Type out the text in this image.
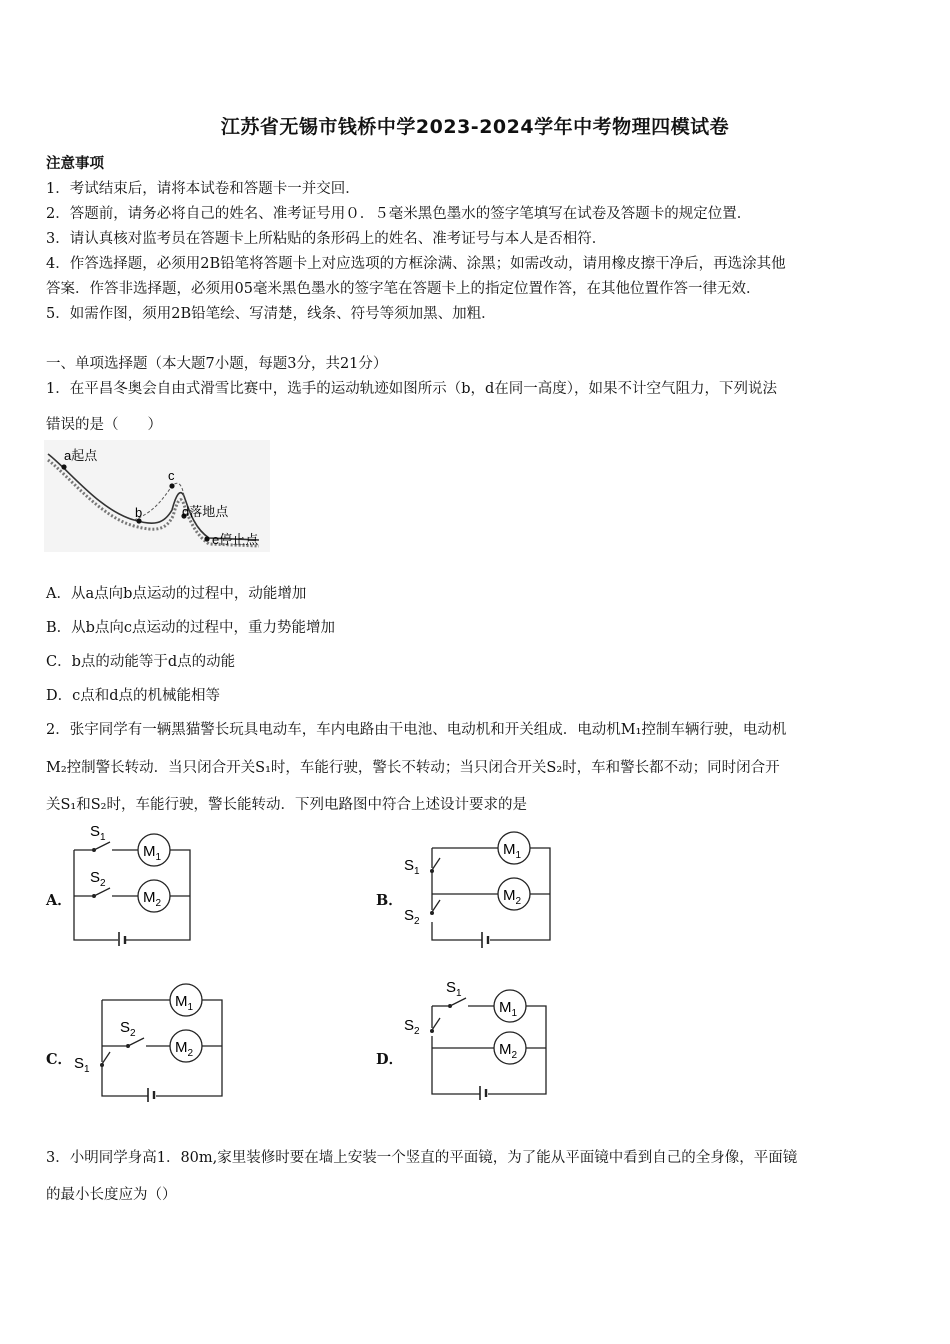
江苏省无锡市钱桥中学2023-2024学年中考物理四模试卷
注意事项
1．考试结束后，请将本试卷和答题卡一并交回．
2．答题前，请务必将自己的姓名、准考证号用０．５毫米黑色墨水的签字笔填写在试卷及答题卡的规定位置．
3．请认真核对监考员在答题卡上所粘贴的条形码上的姓名、准考证号与本人是否相符．
4．作答选择题，必须用2B铅笔将答题卡上对应选项的方框涂满、涂黑；如需改动，请用橡皮擦干净后，再选涂其他
答案．作答非选择题，必须用05毫米黑色墨水的签字笔在答题卡上的指定位置作答，在其他位置作答一律无效．
5．如需作图，须用2B铅笔绘、写清楚，线条、符号等须加黑、加粗．
一、单项选择题（本大题7小题，每题3分，共21分）
1．在平昌冬奥会自由式滑雪比赛中，选手的运动轨迹如图所示（b，d在同一高度），如果不计空气阻力，下列说法
错误的是（　　）
a起点
b
c
d落地点
e停止点
A．从a点向b点运动的过程中，动能增加
B．从b点向c点运动的过程中，重力势能增加
C．b点的动能等于d点的动能
D．c点和d点的机械能相等
2．张宇同学有一辆黑猫警长玩具电动车，车内电路由干电池、电动机和开关组成．电动机M₁控制车辆行驶，电动机
M₂控制警长转动．当只闭合开关S₁时，车能行驶，警长不转动；当只闭合开关S₂时，车和警长都不动；同时闭合开
关S₁和S₂时，车能行驶，警长能转动．下列电路图中符合上述设计要求的是
A．	B．
C．	D．
$S_1$
$S_2$
$M_1$
$M_2$
$S_1$
$S_2$
$M_1$
$M_2$
$S_1$
$S_2$
$M_1$
$M_2$
$S_1$
$S_2$
$M_1$
$M_2$
3．小明同学身高1．80m,家里装修时要在墙上安装一个竖直的平面镜，为了能从平面镜中看到自己的全身像，平面镜
的最小长度应为（）
